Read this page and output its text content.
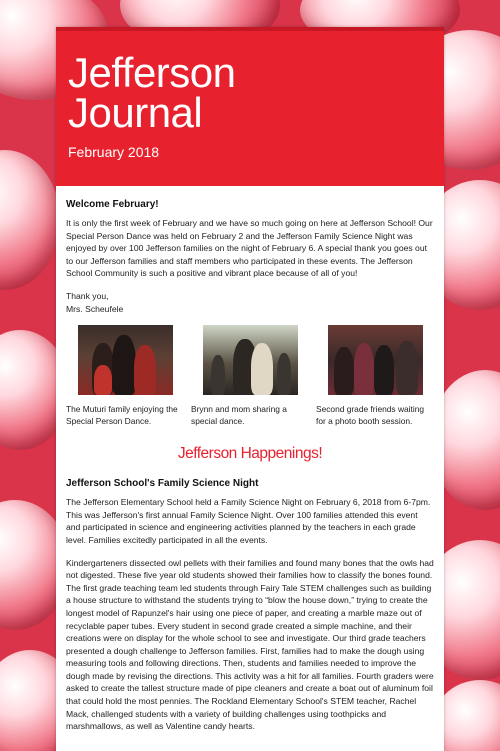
Jefferson
Journal
February 2018
Welcome February!

It is only the first week of February and we have so much going on here at Jefferson School! Our Special Person Dance was held on February 2 and the Jefferson Family Science Night was enjoyed by over 100 Jefferson families on the night of February 6. A special thank you goes out to our Jefferson families and staff members who participated in these events. The Jefferson School Community is such a positive and vibrant place because of all of you!

Thank you,
Mrs. Scheufele

The Muturi family enjoying the Special Person Dance.
Brynn and mom sharing a special dance.
Second grade friends waiting for a photo booth session.
Jefferson Happenings!
Jefferson School's Family Science Night

The Jefferson Elementary School held a Family Science Night on February 6, 2018 from 6-7pm. This was Jefferson's first annual Family Science Night. Over 100 families attended this event and participated in science and engineering activities planned by the teachers in each grade level. Families excitedly participated in all the events.

Kindergarteners dissected owl pellets with their families and found many bones that the owls had not digested. These five year old students showed their families how to classify the bones found. The first grade teaching team led students through Fairy Tale STEM challenges such as building a house structure to withstand the students trying to “blow the house down,” trying to create the longest model of Rapunzel's hair using one piece of paper, and creating a marble maze out of recyclable paper tubes. Every student in second grade created a simple machine, and their creations were on display for the whole school to see and investigate. Our third grade teachers presented a dough challenge to Jefferson families. First, families had to make the dough using measuring tools and following directions. Then, students and families needed to improve the dough made by revising the directions. This activity was a hit for all families. Fourth graders were asked to create the tallest structure made of pipe cleaners and create a boat out of aluminum foil that could hold the most pennies. The Rockland Elementary School's STEM teacher, Rachel Mack, challenged students with a variety of building challenges using toothpicks and marshmallows, as well as Valentine candy hearts.
